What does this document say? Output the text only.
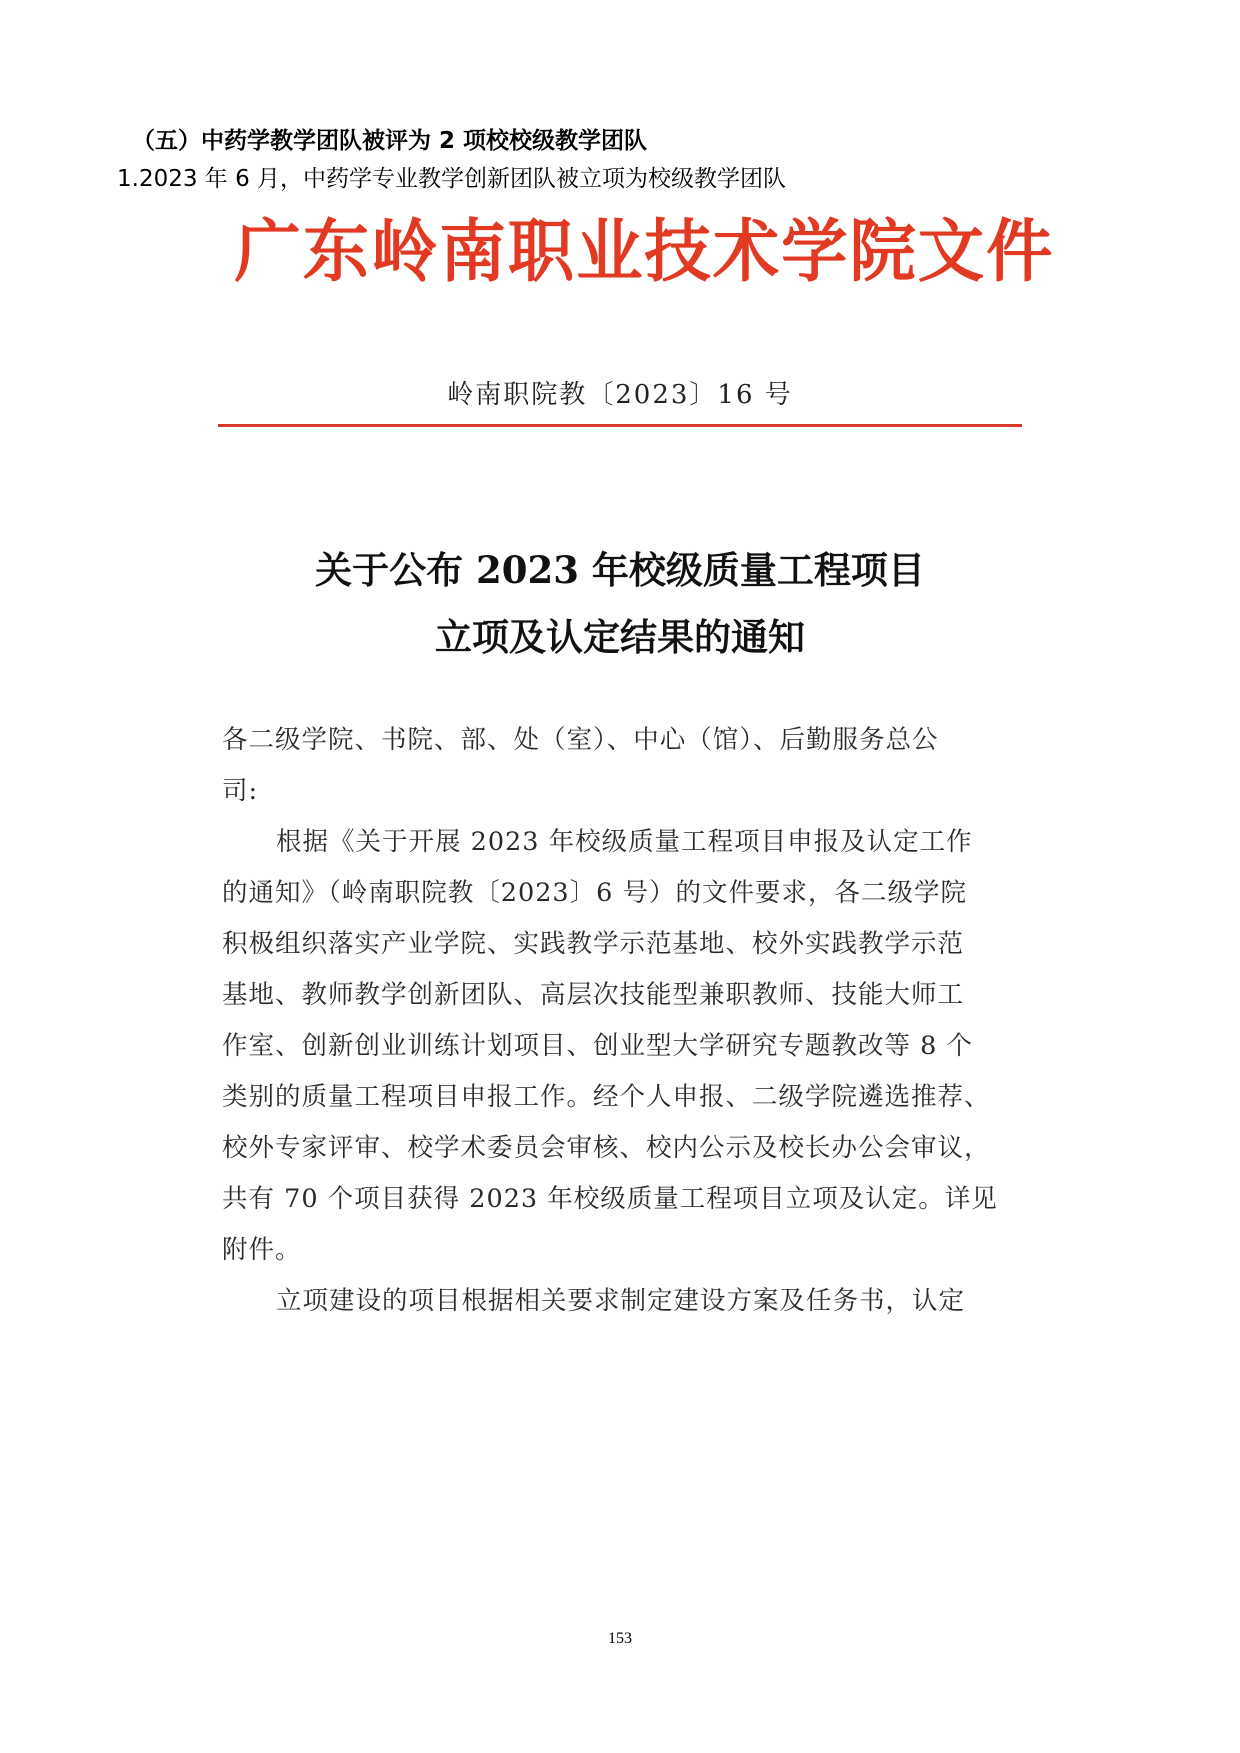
（五）中药学教学团队被评为 2 项校校级教学团队
1.2023 年 6 月，中药学专业教学创新团队被立项为校级教学团队
广东岭南职业技术学院文件
岭南职院教〔2023〕16 号
关于公布 2023 年校级质量工程项目
立项及认定结果的通知
各二级学院、书院、部、处（室）、中心（馆）、后勤服务总公
司:
根据《关于开展 2023 年校级质量工程项目申报及认定工作
的通知》（岭南职院教〔2023〕6 号）的文件要求，各二级学院
积极组织落实产业学院、实践教学示范基地、校外实践教学示范
基地、教师教学创新团队、高层次技能型兼职教师、技能大师工
作室、创新创业训练计划项目、创业型大学研究专题教改等 8 个
类别的质量工程项目申报工作。经个人申报、二级学院遴选推荐、
校外专家评审、校学术委员会审核、校内公示及校长办公会审议，
共有 70 个项目获得 2023 年校级质量工程项目立项及认定。详见
附件。
立项建设的项目根据相关要求制定建设方案及任务书，认定
153
